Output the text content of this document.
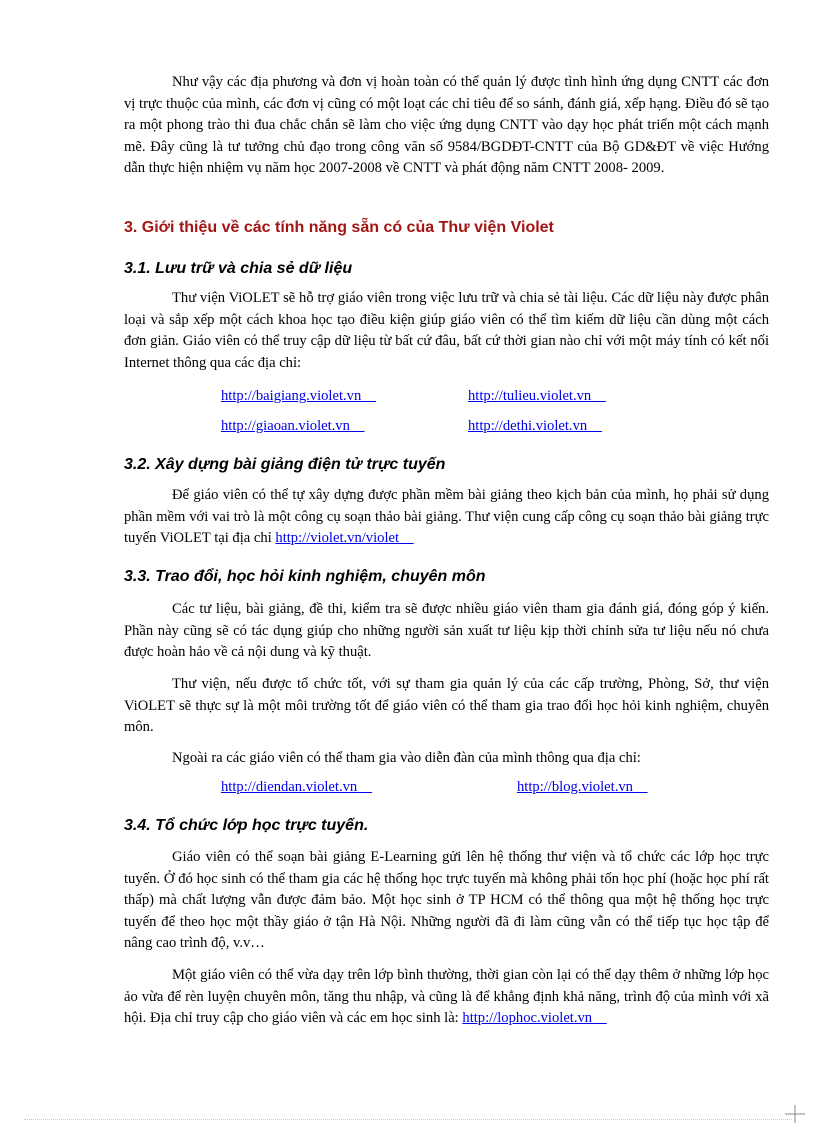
Như vậy các địa phương và đơn vị hoàn toàn có thể quản lý được tình hình ứng dụng CNTT các đơn vị trực thuộc của mình, các đơn vị cũng có một loạt các chỉ tiêu để so sánh, đánh giá, xếp hạng. Điều đó sẽ tạo ra một phong trào thi đua chắc chắn sẽ làm cho việc ứng dụng CNTT vào dạy học phát triển một cách mạnh mẽ. Đây cũng là tư tưởng chủ đạo trong công văn số 9584/BGDĐT-CNTT của Bộ GD&ĐT về việc Hướng dẫn thực hiện nhiệm vụ năm học 2007-2008 về CNTT và phát động năm CNTT 2008- 2009.

3. Giới thiệu về các tính năng sẵn có của Thư viện Violet
3.1. Lưu trữ và chia sẻ dữ liệu

Thư viện ViOLET sẽ hỗ trợ giáo viên trong việc lưu trữ và chia sẻ tài liệu. Các dữ liệu này được phân loại và sắp xếp một cách khoa học tạo điều kiện giúp giáo viên có thể tìm kiếm dữ liệu cần dùng một cách đơn giản. Giáo viên có thể truy cập dữ liệu từ bất cứ đâu, bất cứ thời gian nào chỉ với một máy tính có kết nối Internet thông qua các địa chỉ:

http://baigiang.violet.vn	http://tulieu.violet.vn
http://giaoan.violet.vn	http://dethi.violet.vn
3.2. Xây dựng bài giảng điện tử trực tuyến

Để giáo viên có thể tự xây dựng được phần mềm bài giảng theo kịch bản của mình, họ phải sử dụng phần mềm với vai trò là một công cụ soạn thảo bài giảng. Thư viện cung cấp công cụ soạn thảo bài giảng trực tuyến ViOLET tại địa chỉ http://violet.vn/violet

3.3. Trao đổi, học hỏi kinh nghiệm, chuyên môn

Các tư liệu, bài giảng, đề thi, kiểm tra sẽ được nhiều giáo viên tham gia đánh giá, đóng góp ý kiến. Phần này cũng sẽ có tác dụng giúp cho những người sản xuất tư liệu kịp thời chỉnh sửa tư liệu nếu nó chưa được hoàn hảo về cả nội dung và kỹ thuật.

Thư viện, nếu được tổ chức tốt, với sự tham gia quản lý của các cấp trường, Phòng, Sở, thư viện ViOLET sẽ thực sự là một môi trường tốt để giáo viên có thể tham gia trao đổi học hỏi kinh nghiệm, chuyên môn.

Ngoài ra các giáo viên có thể tham gia vào diễn đàn của mình thông qua địa chỉ:

http://diendan.violet.vn	http://blog.violet.vn
3.4. Tổ chức lớp học trực tuyến.

Giáo viên có thể soạn bài giảng E-Learning gửi lên hệ thống thư viện và tổ chức các lớp học trực tuyến. Ở đó học sinh có thể tham gia các hệ thống học trực tuyến mà không phải tốn học phí (hoặc học phí rất thấp) mà chất lượng vẫn được đảm bảo. Một học sinh ở TP HCM có thể thông qua một hệ thống học trực tuyến để theo học một thầy giáo ở tận Hà Nội. Những người đã đi làm cũng vẫn có thể tiếp tục học tập để nâng cao trình độ, v.v…

Một giáo viên có thể vừa dạy trên lớp bình thường, thời gian còn lại có thể dạy thêm ở những lớp học ảo vừa để rèn luyện chuyên môn, tăng thu nhập, và cũng là để khẳng định khả năng, trình độ của mình với xã hội. Địa chỉ truy cập cho giáo viên và các em học sinh là: http://lophoc.violet.vn
